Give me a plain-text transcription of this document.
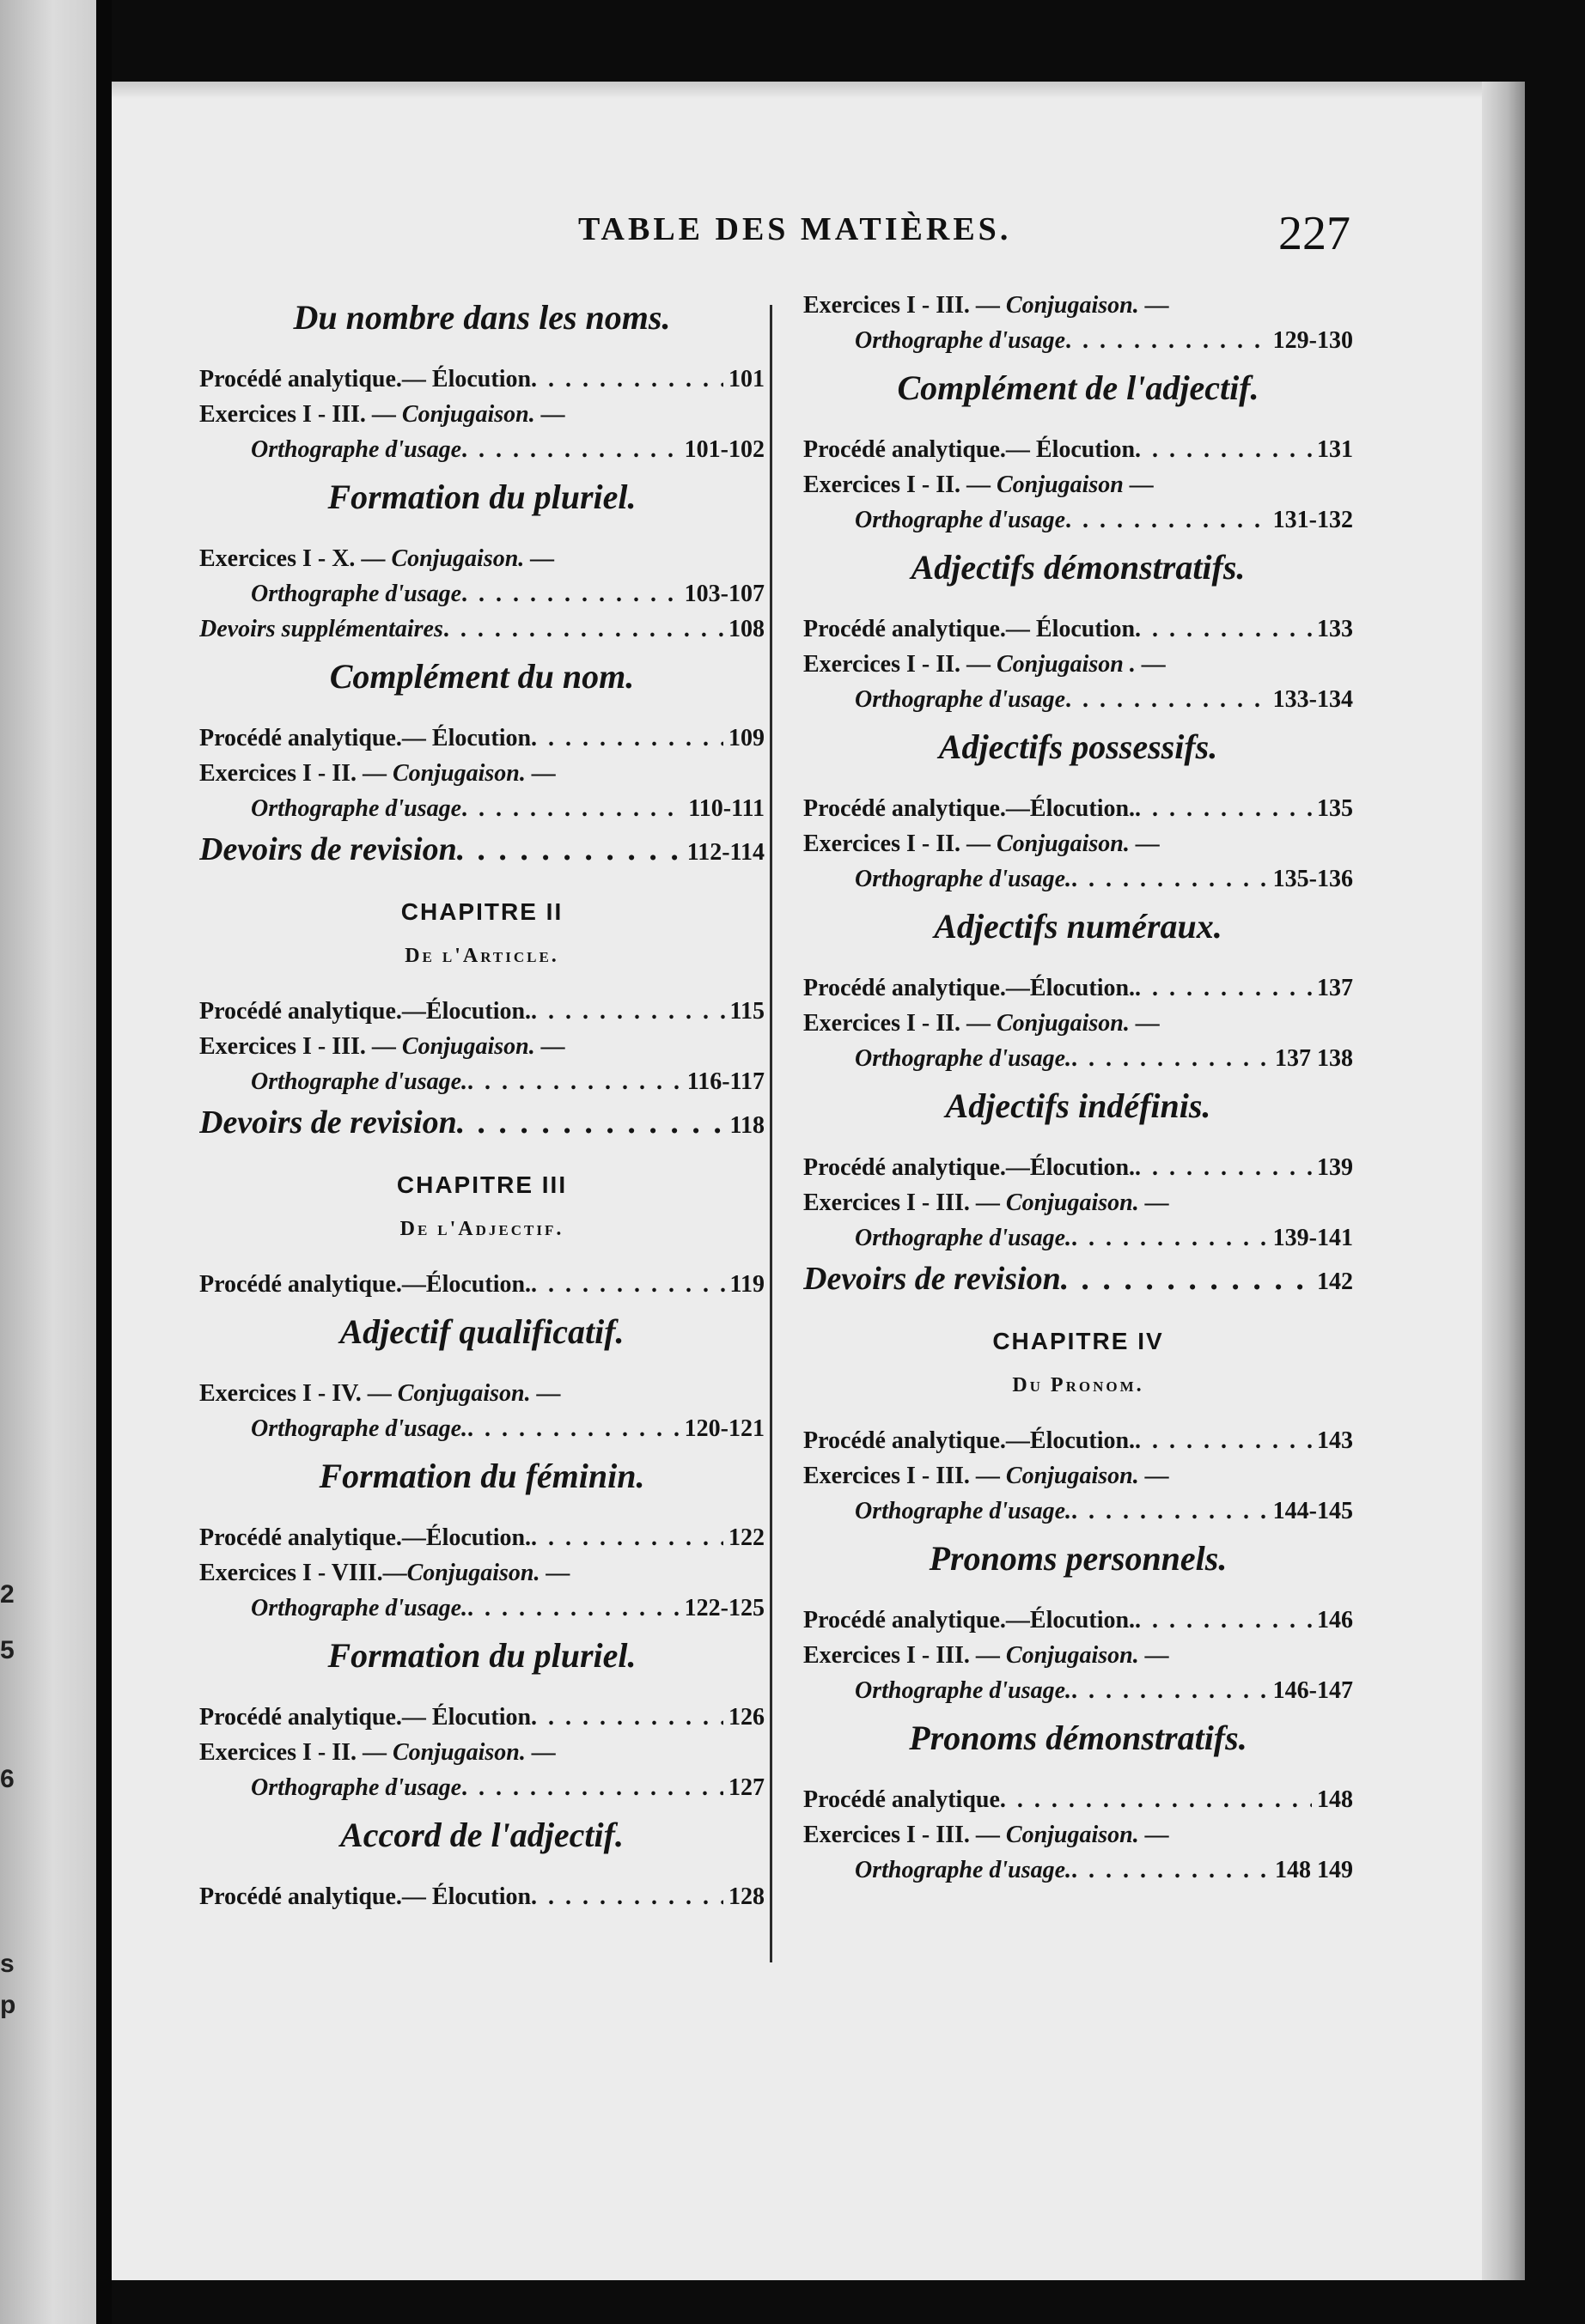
2
5
6
s
p
TABLE DES MATIÈRES.	227
Du nombre dans les noms.
Procédé analytique.— Élocution . . .	101
Exercices I - III. — Conjugaison. —
Orthographe d'usage . . .	101-102
Formation du pluriel.
Exercices I - X. — Conjugaison. —
Orthographe d'usage . . .	103-107
Devoirs supplémentaires . . .	108
Complément du nom.
Procédé analytique.— Élocution . . .	109
Exercices I - II. — Conjugaison. —
Orthographe d'usage . . .	110-111
Devoirs de revision . . .	112-114
CHAPITRE II
De l'Article.
Procédé analytique.—Élocution. . . .	115
Exercices I - III. — Conjugaison. —
Orthographe d'usage. . . .	116-117
Devoirs de revision . . .	118
CHAPITRE III
De l'Adjectif.
Procédé analytique.—Élocution. . . .	119
Adjectif qualificatif.
Exercices I - IV. — Conjugaison. —
Orthographe d'usage. . . .	120-121
Formation du féminin.
Procédé analytique.—Élocution. . . .	122
Exercices I - VIII.—Conjugaison. —
Orthographe d'usage. . . .	122-125
Formation du pluriel.
Procédé analytique.— Élocution . . .	126
Exercices I - II. — Conjugaison. —
Orthographe d'usage . . .	127
Accord de l'adjectif.
Procédé analytique.— Élocution . . .	128
Exercices I - III. — Conjugaison. —
Orthographe d'usage . . .	129-130
Complément de l'adjectif.
Procédé analytique.— Élocution . . .	131
Exercices I - II. — Conjugaison —
Orthographe d'usage . . .	131-132
Adjectifs démonstratifs.
Procédé analytique.— Élocution . . .	133
Exercices I - II. — Conjugaison . —
Orthographe d'usage . . .	133-134
Adjectifs possessifs.
Procédé analytique.—Élocution. . . .	135
Exercices I - II. — Conjugaison. —
Orthographe d'usage. . . .	135-136
Adjectifs numéraux.
Procédé analytique.—Élocution. . . .	137
Exercices I - II. — Conjugaison. —
Orthographe d'usage. . . .	137 138
Adjectifs indéfinis.
Procédé analytique.—Élocution. . . .	139
Exercices I - III. — Conjugaison. —
Orthographe d'usage. . . .	139-141
Devoirs de revision . . .	142
CHAPITRE IV
Du Pronom.
Procédé analytique.—Élocution. . . .	143
Exercices I - III. — Conjugaison. —
Orthographe d'usage. . . .	144-145
Pronoms personnels.
Procédé analytique.—Élocution. . . .	146
Exercices I - III. — Conjugaison. —
Orthographe d'usage. . . .	146-147
Pronoms démonstratifs.
Procédé analytique . . .	148
Exercices I - III. — Conjugaison. —
Orthographe d'usage. . . .	148 149
